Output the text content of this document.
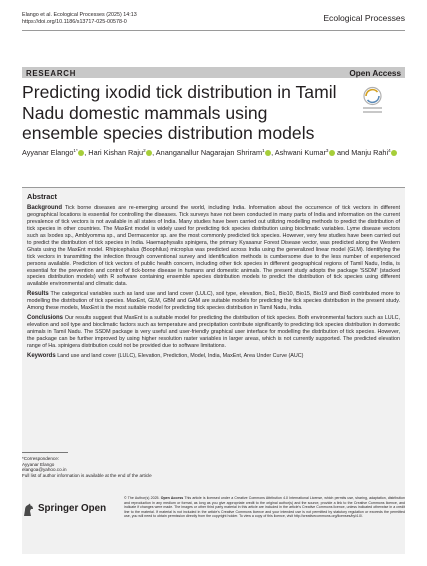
Elango et al. Ecological Processes (2025) 14:13
https://doi.org/10.1186/s13717-025-00578-0	Ecological Processes
RESEARCH	Open Access
Predicting ixodid tick distribution in Tamil Nadu domestic mammals using ensemble species distribution models
Ayyanar Elango$^{1*}$ , Hari Kishan Raju$^2$ , Ananganallur Nagarajan Shriram$^1$ , Ashwani Kumar$^3$ and Manju Rahi$^4$
Abstract

Background Tick borne diseases are re-emerging around the world, including India. Information about the occurrence of tick vectors in different geographical locations is essential for controlling the diseases. Tick surveys have not been conducted in many parts of India and information on the current prevalence of tick vectors is not available in all states of India. Many studies have been carried out utilizing modelling methods to predict the distribution of tick species in other countries. The MaxEnt model is widely used for predicting tick species distribution using bioclimatic variables. Lyme disease vectors such as Ixodes sp., Amblyomma sp., and Dermacentor sp. are the most commonly predicted tick species. However, very few studies have been carried out to predict the distribution of tick species in India. Haemaphysalis spinigera, the primary Kyasanur Forest Disease vector, was predicted along the Western Ghats using the MaxEnt model. Rhipicephalus (Boophilus) microplus was predicted across India using the generalized linear model (GLM). Identifying the tick vectors in transmitting the infection through conventional survey and identification methods is cumbersome due to the less number of experienced persons available. Prediction of tick vectors of public health concern, including other tick species in different geographical regions of Tamil Nadu, India, is essential for the prevention and control of tick-borne disease in humans and domestic animals. The present study adopts the package 'SSDM' (stacked species distribution models) with R software containing ensemble species distribution models to predict the distribution of tick species using different available environmental and climatic data.

Results The categorical variables such as land use and land cover (LULC), soil type, elevation, Bio1, Bio10, Bio15, Bio19 and Bio8 contributed more to modelling the distribution of tick species. MaxEnt, GLM, GBM and GAM are suitable models for predicting the tick species distribution in the present study. Among these models, MaxEnt is the most suitable model for predicting tick species distribution in Tamil Nadu, India.

Conclusions Our results suggest that MaxEnt is a suitable model for predicting the distribution of tick species. Both environmental factors such as LULC, elevation and soil type and bioclimatic factors such as temperature and precipitation contribute significantly to predicting tick species distribution in domestic animals in Tamil Nadu. The SSDM package is very useful and user-friendly graphical user interface for modelling the distribution of tick species. However, the package can be further improved by using higher resolution raster variables in larger areas, which is not currently supported. The predicted elevation range of Ha. spinigera distribution could not be provided due to software limitations.

Keywords Land use and land cover (LULC), Elevation, Prediction, Model, India, MaxEnt, Area Under Curve (AUC)

*Correspondence:
Ayyanar Elango
elangoa@yahoo.co.in
Full list of author information is available at the end of the article
Springer Open
© The Author(s) 2025. Open Access This article is licensed under a Creative Commons Attribution 4.0 International License, which permits use, sharing, adaptation, distribution and reproduction in any medium or format, as long as you give appropriate credit to the original author(s) and the source, provide a link to the Creative Commons licence, and indicate if changes were made. The images or other third party material in this article are included in the article's Creative Commons licence, unless indicated otherwise in a credit line to the material. If material is not included in the article's Creative Commons licence and your intended use is not permitted by statutory regulation or exceeds the permitted use, you will need to obtain permission directly from the copyright holder. To view a copy of this licence, visit http://creativecommons.org/licenses/by/4.0/.
